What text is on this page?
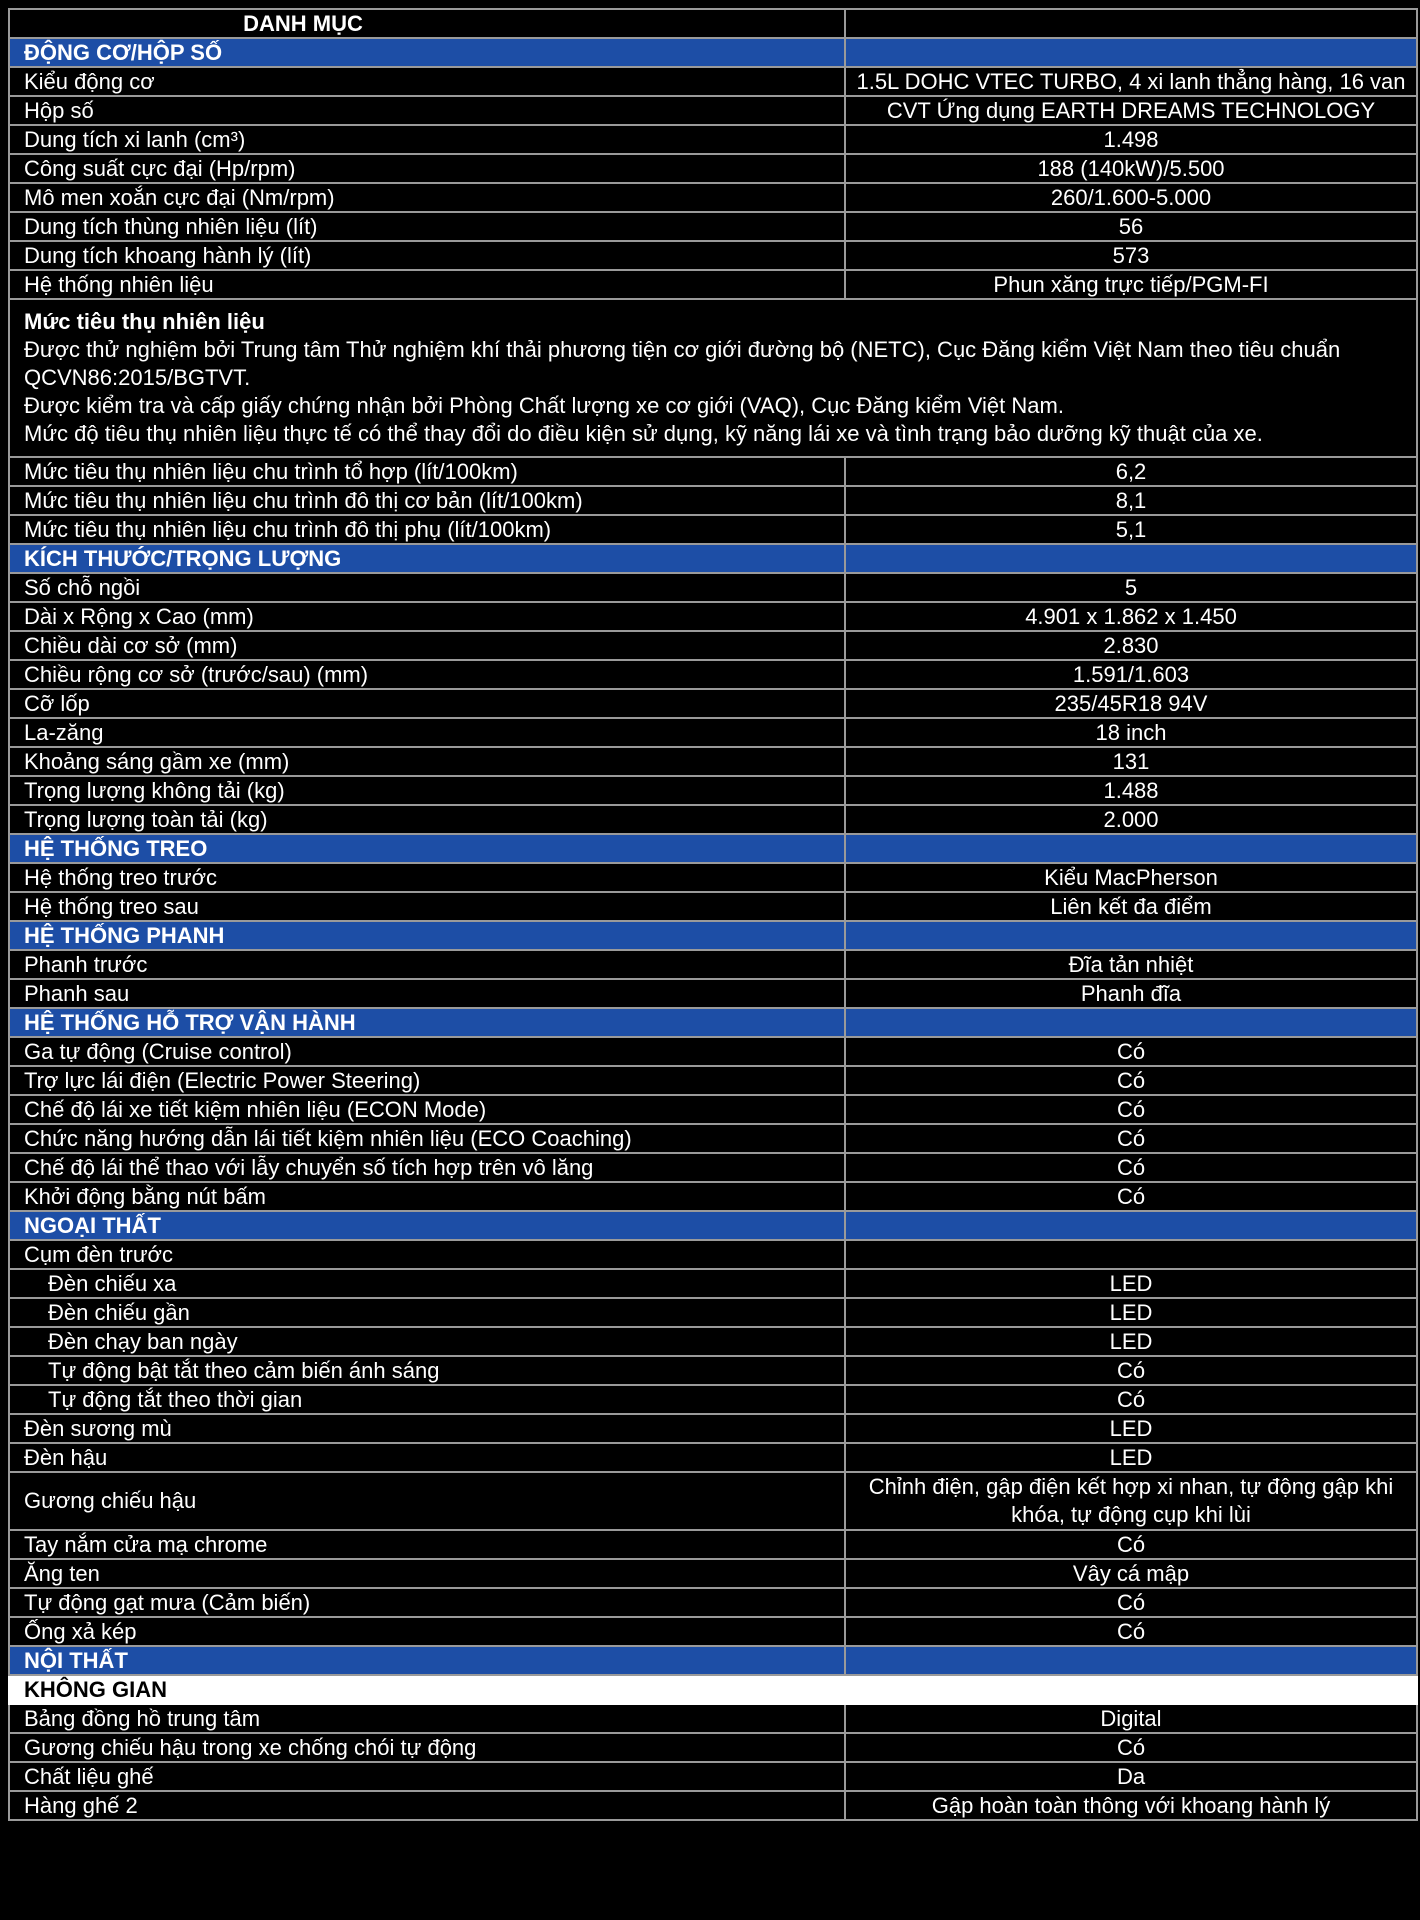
DANH MỤC	
ĐỘNG CƠ/HỘP SỐ	
Kiểu động cơ	1.5L DOHC VTEC TURBO, 4 xi lanh thẳng hàng, 16 van
Hộp số	CVT Ứng dụng EARTH DREAMS TECHNOLOGY
Dung tích xi lanh (cm³)	1.498
Công suất cực đại (Hp/rpm)	188 (140kW)/5.500
Mô men xoắn cực đại (Nm/rpm)	260/1.600-5.000
Dung tích thùng nhiên liệu (lít)	56
Dung tích khoang hành lý (lít)	573
Hệ thống nhiên liệu	Phun xăng trực tiếp/PGM-FI

Mức tiêu thụ nhiên liệu
Được thử nghiệm bởi Trung tâm Thử nghiệm khí thải phương tiện cơ giới đường bộ (NETC), Cục Đăng kiểm Việt Nam theo tiêu chuẩn QCVN86:2015/BGTVT.
Được kiểm tra và cấp giấy chứng nhận bởi Phòng Chất lượng xe cơ giới (VAQ), Cục Đăng kiểm Việt Nam.
Mức độ tiêu thụ nhiên liệu thực tế có thể thay đổi do điều kiện sử dụng, kỹ năng lái xe và tình trạng bảo dưỡng kỹ thuật của xe.	

Mức tiêu thụ nhiên liệu chu trình tổ hợp (lít/100km)	6,2
Mức tiêu thụ nhiên liệu chu trình đô thị cơ bản (lít/100km)	8,1
Mức tiêu thụ nhiên liệu chu trình đô thị phụ (lít/100km)	5,1
KÍCH THƯỚC/TRỌNG LƯỢNG	
Số chỗ ngồi	5
Dài x Rộng x Cao (mm)	4.901 x 1.862 x 1.450
Chiều dài cơ sở (mm)	2.830
Chiều rộng cơ sở (trước/sau) (mm)	1.591/1.603
Cỡ lốp	235/45R18 94V
La-zăng	18 inch
Khoảng sáng gầm xe (mm)	131
Trọng lượng không tải (kg)	1.488
Trọng lượng toàn tải (kg)	2.000
HỆ THỐNG TREO	
Hệ thống treo trước	Kiểu MacPherson
Hệ thống treo sau	Liên kết đa điểm
HỆ THỐNG PHANH	
Phanh trước	Đĩa tản nhiệt
Phanh sau	Phanh đĩa
HỆ THỐNG HỖ TRỢ VẬN HÀNH	
Ga tự động (Cruise control)	Có
Trợ lực lái điện (Electric Power Steering)	Có
Chế độ lái xe tiết kiệm nhiên liệu (ECON Mode)	Có
Chức năng hướng dẫn lái tiết kiệm nhiên liệu (ECO Coaching)	Có
Chế độ lái thể thao với lẫy chuyển số tích hợp trên vô lăng	Có
Khởi động bằng nút bấm	Có
NGOẠI THẤT	
Cụm đèn trước	
Đèn chiếu xa	LED
Đèn chiếu gần	LED
Đèn chạy ban ngày	LED
Tự động bật tắt theo cảm biến ánh sáng	Có
Tự động tắt theo thời gian	Có
Đèn sương mù	LED
Đèn hậu	LED
Gương chiếu hậu	Chỉnh điện, gập điện kết hợp xi nhan, tự động gập khi khóa, tự động cụp khi lùi
Tay nắm cửa mạ chrome	Có
Ăng ten	Vây cá mập
Tự động gạt mưa (Cảm biến)	Có
Ống xả kép	Có
NỘI THẤT	
KHÔNG GIAN	
Bảng đồng hồ trung tâm	Digital
Gương chiếu hậu trong xe chống chói tự động	Có
Chất liệu ghế	Da
Hàng ghế 2	Gập hoàn toàn thông với khoang hành lý
